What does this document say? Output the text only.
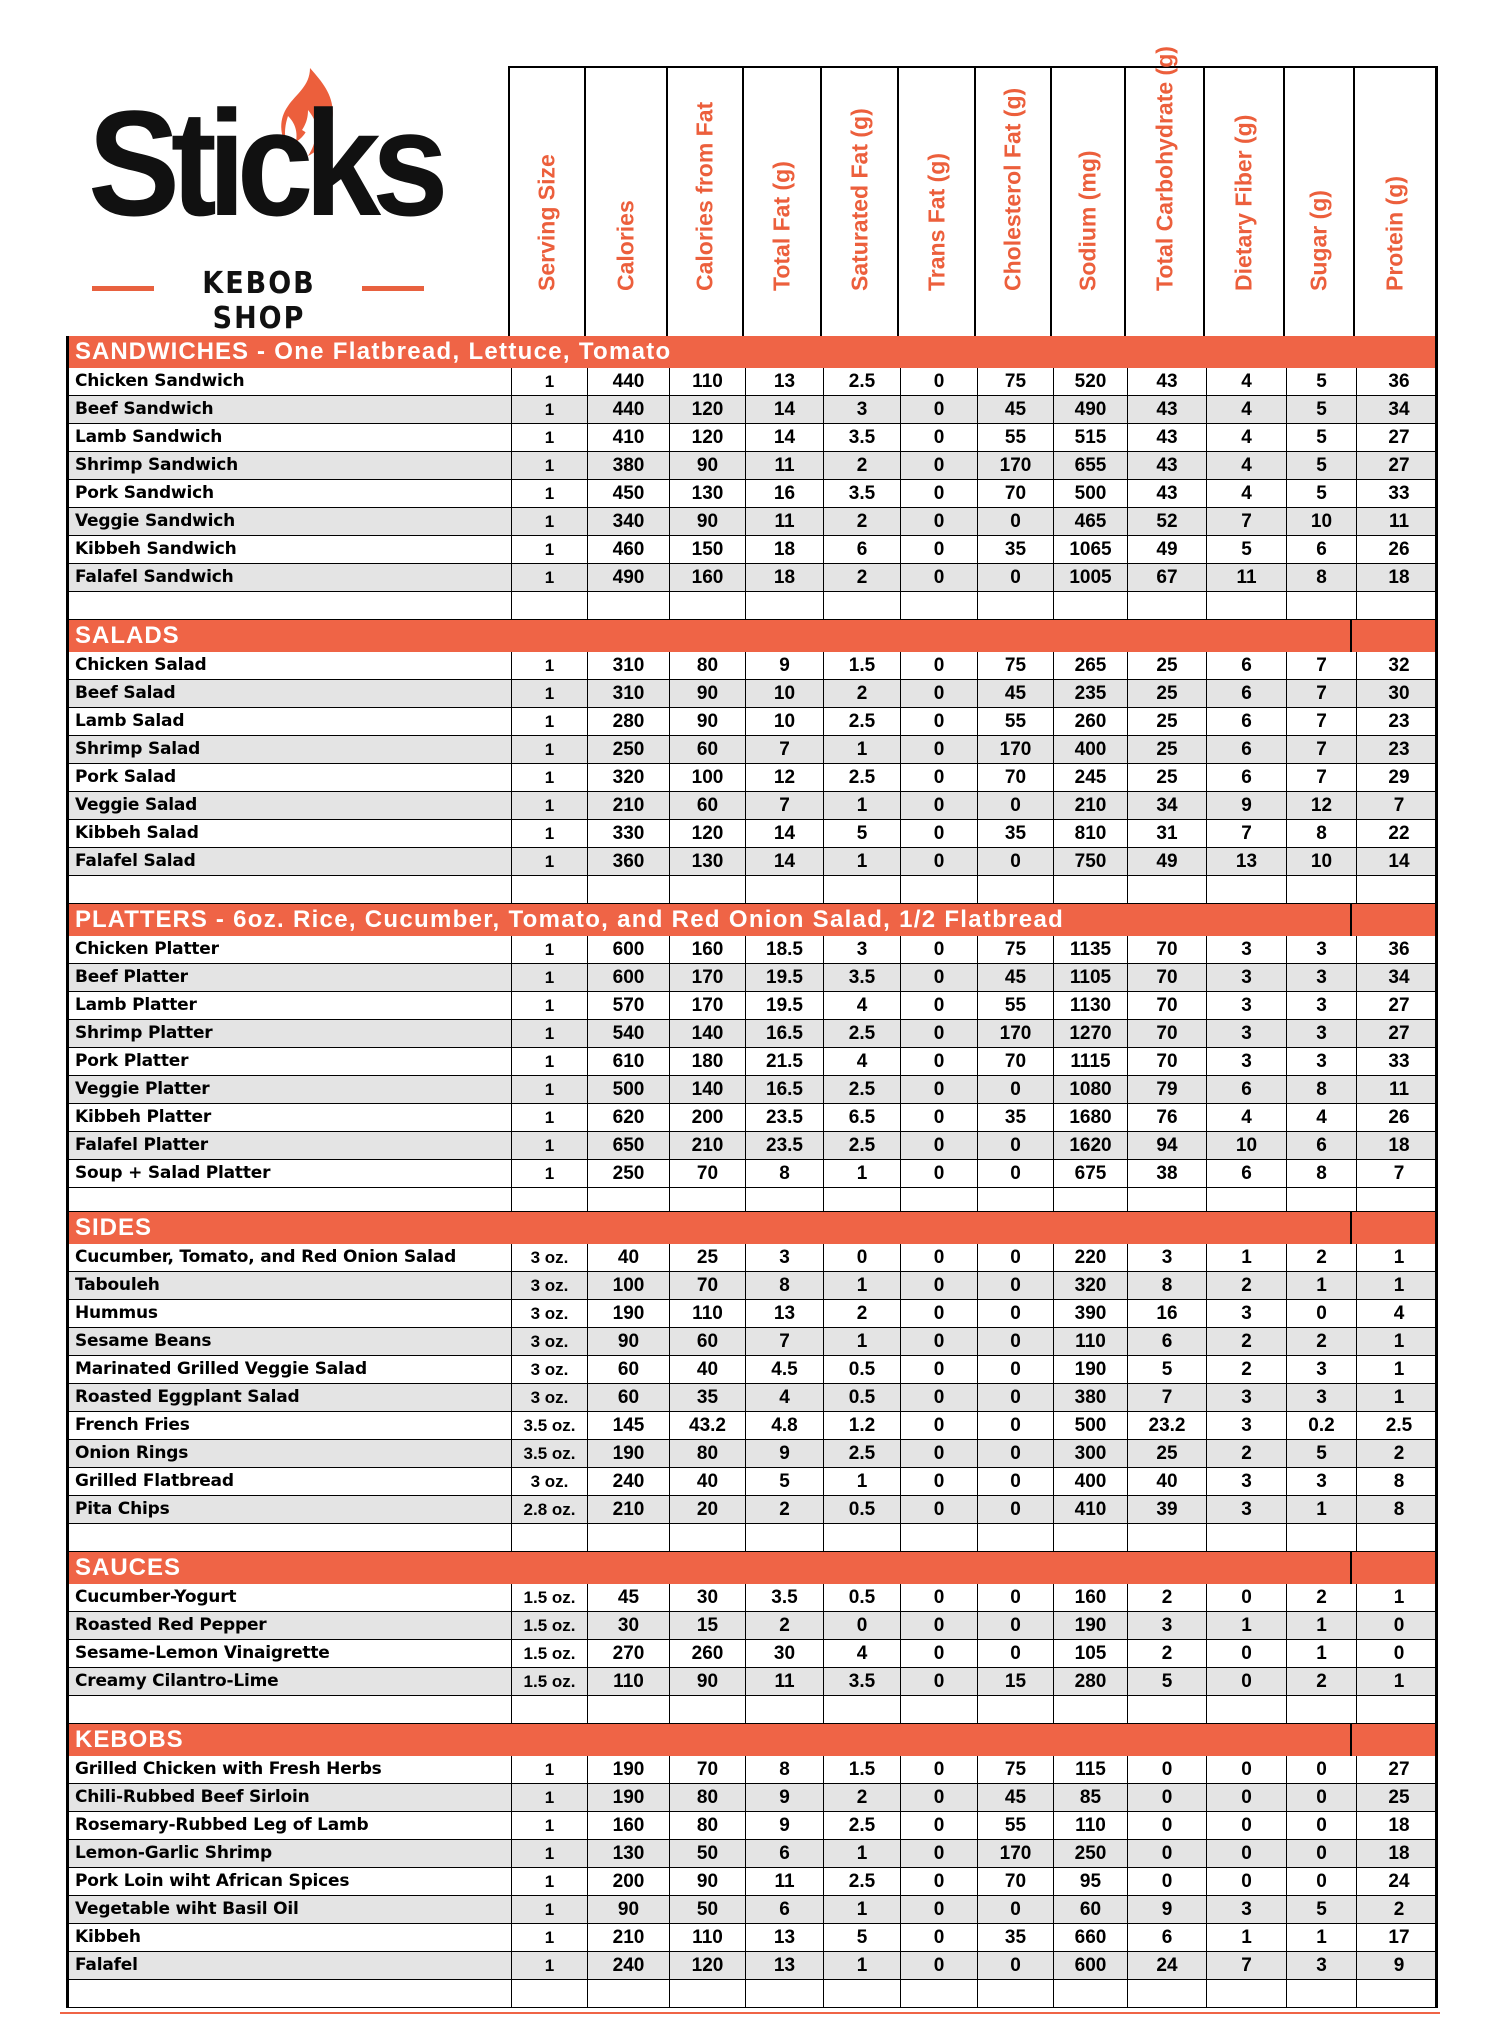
Sticks
KEBOB SHOP
Serving Size Calories Calories from Fat Total Fat (g) Saturated Fat (g) Trans Fat (g) Cholesterol Fat (g) Sodium (mg) Total Carbohydrate (g) Dietary Fiber (g) Sugar (g) Protein (g)
SANDWICHES - One Flatbread, Lettuce, Tomato
Chicken Sandwich	1	440	110	13	2.5	0	75	520	43	4	5	36
Beef Sandwich	1	440	120	14	3	0	45	490	43	4	5	34
Lamb Sandwich	1	410	120	14	3.5	0	55	515	43	4	5	27
Shrimp Sandwich	1	380	90	11	2	0	170	655	43	4	5	27
Pork Sandwich	1	450	130	16	3.5	0	70	500	43	4	5	33
Veggie Sandwich	1	340	90	11	2	0	0	465	52	7	10	11
Kibbeh Sandwich	1	460	150	18	6	0	35	1065	49	5	6	26
Falafel Sandwich	1	490	160	18	2	0	0	1005	67	11	8	18
SALADS
Chicken Salad	1	310	80	9	1.5	0	75	265	25	6	7	32
Beef Salad	1	310	90	10	2	0	45	235	25	6	7	30
Lamb Salad	1	280	90	10	2.5	0	55	260	25	6	7	23
Shrimp Salad	1	250	60	7	1	0	170	400	25	6	7	23
Pork Salad	1	320	100	12	2.5	0	70	245	25	6	7	29
Veggie Salad	1	210	60	7	1	0	0	210	34	9	12	7
Kibbeh Salad	1	330	120	14	5	0	35	810	31	7	8	22
Falafel Salad	1	360	130	14	1	0	0	750	49	13	10	14
PLATTERS - 6oz. Rice, Cucumber, Tomato, and Red Onion Salad, 1/2 Flatbread
Chicken Platter	1	600	160	18.5	3	0	75	1135	70	3	3	36
Beef Platter	1	600	170	19.5	3.5	0	45	1105	70	3	3	34
Lamb Platter	1	570	170	19.5	4	0	55	1130	70	3	3	27
Shrimp Platter	1	540	140	16.5	2.5	0	170	1270	70	3	3	27
Pork Platter	1	610	180	21.5	4	0	70	1115	70	3	3	33
Veggie Platter	1	500	140	16.5	2.5	0	0	1080	79	6	8	11
Kibbeh Platter	1	620	200	23.5	6.5	0	35	1680	76	4	4	26
Falafel Platter	1	650	210	23.5	2.5	0	0	1620	94	10	6	18
Soup + Salad Platter	1	250	70	8	1	0	0	675	38	6	8	7
SIDES
Cucumber, Tomato, and Red Onion Salad	3 oz.	40	25	3	0	0	0	220	3	1	2	1
Tabouleh	3 oz.	100	70	8	1	0	0	320	8	2	1	1
Hummus	3 oz.	190	110	13	2	0	0	390	16	3	0	4
Sesame Beans	3 oz.	90	60	7	1	0	0	110	6	2	2	1
Marinated Grilled Veggie Salad	3 oz.	60	40	4.5	0.5	0	0	190	5	2	3	1
Roasted Eggplant Salad	3 oz.	60	35	4	0.5	0	0	380	7	3	3	1
French Fries	3.5 oz.	145	43.2	4.8	1.2	0	0	500	23.2	3	0.2	2.5
Onion Rings	3.5 oz.	190	80	9	2.5	0	0	300	25	2	5	2
Grilled Flatbread	3 oz.	240	40	5	1	0	0	400	40	3	3	8
Pita Chips	2.8 oz.	210	20	2	0.5	0	0	410	39	3	1	8
SAUCES
Cucumber-Yogurt	1.5 oz.	45	30	3.5	0.5	0	0	160	2	0	2	1
Roasted Red Pepper	1.5 oz.	30	15	2	0	0	0	190	3	1	1	0
Sesame-Lemon Vinaigrette	1.5 oz.	270	260	30	4	0	0	105	2	0	1	0
Creamy Cilantro-Lime	1.5 oz.	110	90	11	3.5	0	15	280	5	0	2	1
KEBOBS
Grilled Chicken with Fresh Herbs	1	190	70	8	1.5	0	75	115	0	0	0	27
Chili-Rubbed Beef Sirloin	1	190	80	9	2	0	45	85	0	0	0	25
Rosemary-Rubbed Leg of Lamb	1	160	80	9	2.5	0	55	110	0	0	0	18
Lemon-Garlic Shrimp	1	130	50	6	1	0	170	250	0	0	0	18
Pork Loin wiht African Spices	1	200	90	11	2.5	0	70	95	0	0	0	24
Vegetable wiht Basil Oil	1	90	50	6	1	0	0	60	9	3	5	2
Kibbeh	1	210	110	13	5	0	35	660	6	1	1	17
Falafel	1	240	120	13	1	0	0	600	24	7	3	9
